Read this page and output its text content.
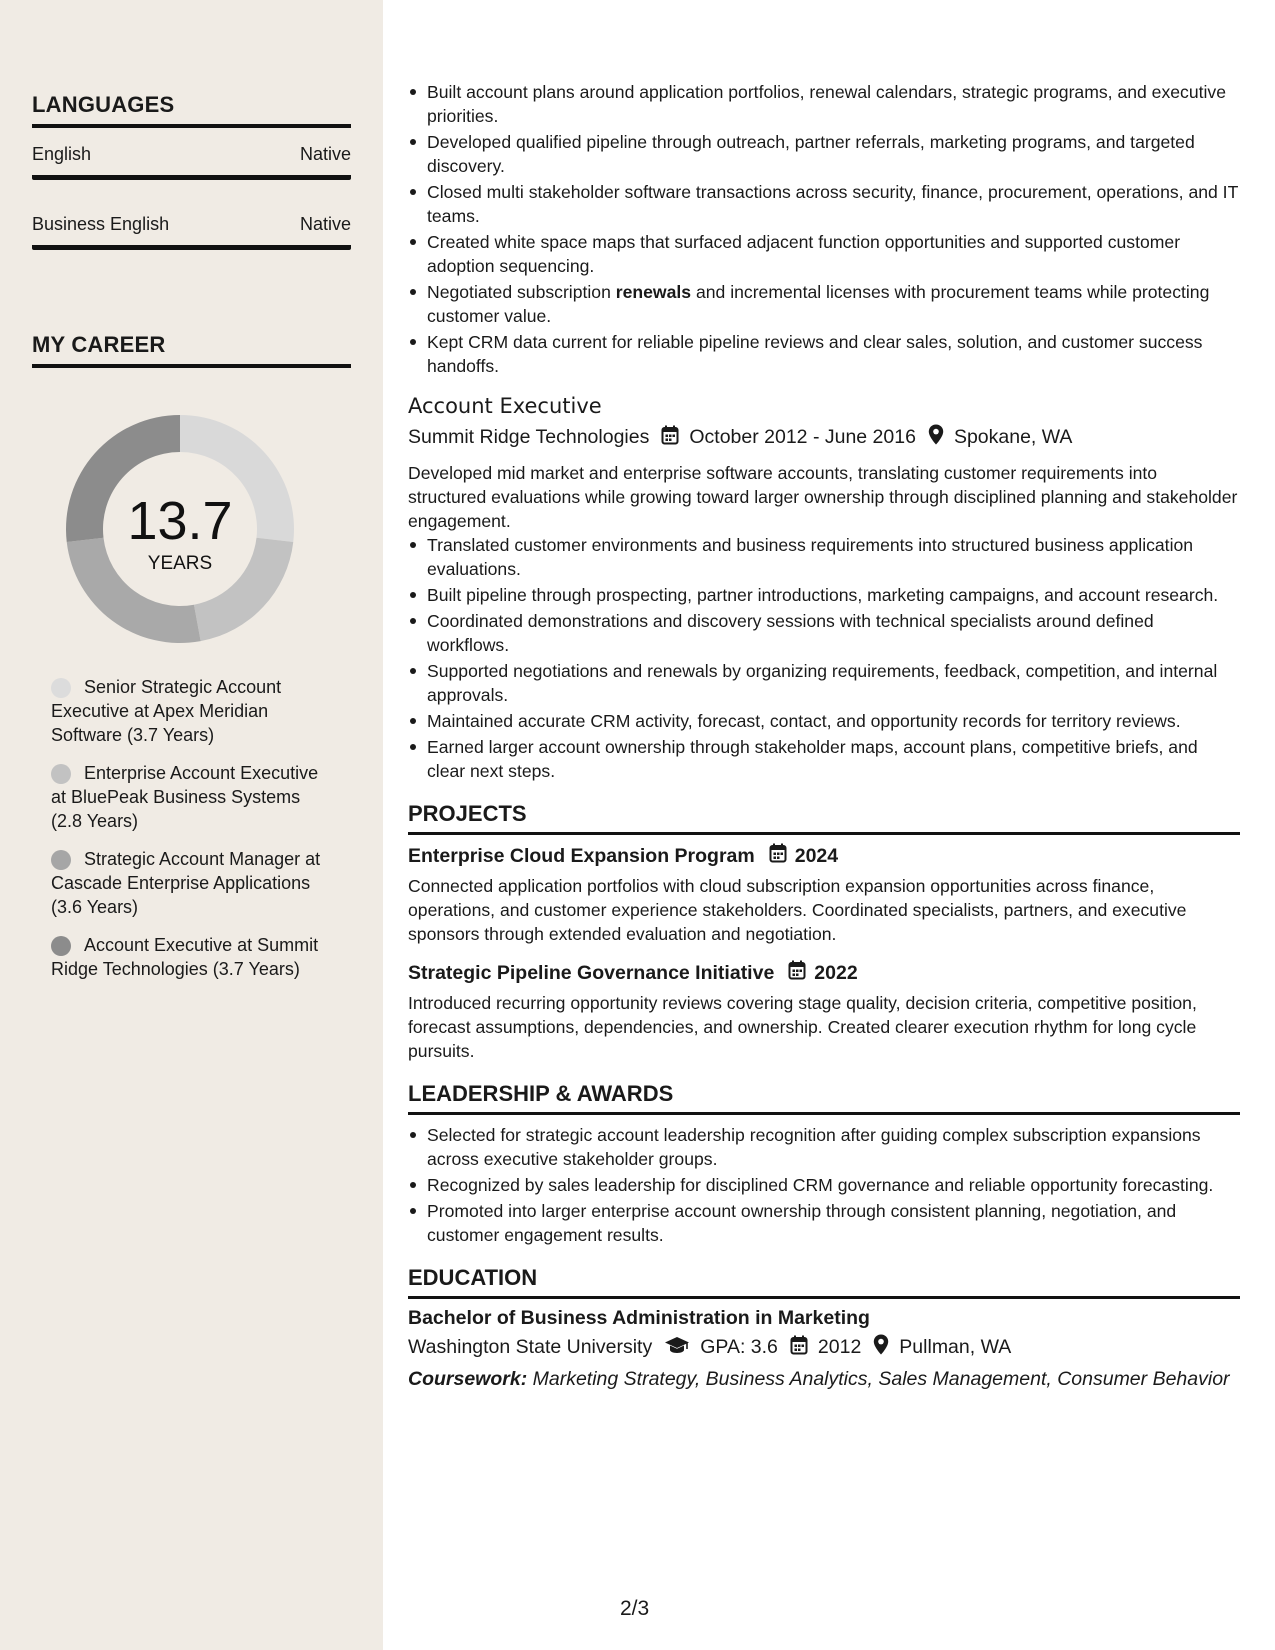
LANGUAGES
English	Native
Business English	Native
MY CAREER
13.7
YEARS
Senior Strategic Account Executive at Apex Meridian Software (3.7 Years)
Enterprise Account Executive at BluePeak Business Systems (2.8 Years)
Strategic Account Manager at Cascade Enterprise Applications (3.6 Years)
Account Executive at Summit Ridge Technologies (3.7 Years)
Built account plans around application portfolios, renewal calendars, strategic programs, and executive priorities.
Developed qualified pipeline through outreach, partner referrals, marketing programs, and targeted discovery.
Closed multi stakeholder software transactions across security, finance, procurement, operations, and IT teams.
Created white space maps that surfaced adjacent function opportunities and supported customer adoption sequencing.
Negotiated subscription renewals and incremental licenses with procurement teams while protecting customer value.
Kept CRM data current for reliable pipeline reviews and clear sales, solution, and customer success handoffs.
Account Executive
Summit Ridge Technologies October 2012 - June 2016 Spokane, WA

Developed mid market and enterprise software accounts, translating customer requirements into structured evaluations while growing toward larger ownership through disciplined planning and stakeholder engagement.

Translated customer environments and business requirements into structured business application evaluations.
Built pipeline through prospecting, partner introductions, marketing campaigns, and account research.
Coordinated demonstrations and discovery sessions with technical specialists around defined workflows.
Supported negotiations and renewals by organizing requirements, feedback, competition, and internal approvals.
Maintained accurate CRM activity, forecast, contact, and opportunity records for territory reviews.
Earned larger account ownership through stakeholder maps, account plans, competitive briefs, and clear next steps.
PROJECTS
Enterprise Cloud Expansion Program 2024

Connected application portfolios with cloud subscription expansion opportunities across finance, operations, and customer experience stakeholders. Coordinated specialists, partners, and executive sponsors through extended evaluation and negotiation.

Strategic Pipeline Governance Initiative 2022

Introduced recurring opportunity reviews covering stage quality, decision criteria, competitive position, forecast assumptions, dependencies, and ownership. Created clearer execution rhythm for long cycle pursuits.

LEADERSHIP & AWARDS
Selected for strategic account leadership recognition after guiding complex subscription expansions across executive stakeholder groups.
Recognized by sales leadership for disciplined CRM governance and reliable opportunity forecasting.
Promoted into larger enterprise account ownership through consistent planning, negotiation, and customer engagement results.
EDUCATION
Bachelor of Business Administration in Marketing
Washington State University GPA: 3.6 2012 Pullman, WA

Coursework: Marketing Strategy, Business Analytics, Sales Management, Consumer Behavior

2/3
